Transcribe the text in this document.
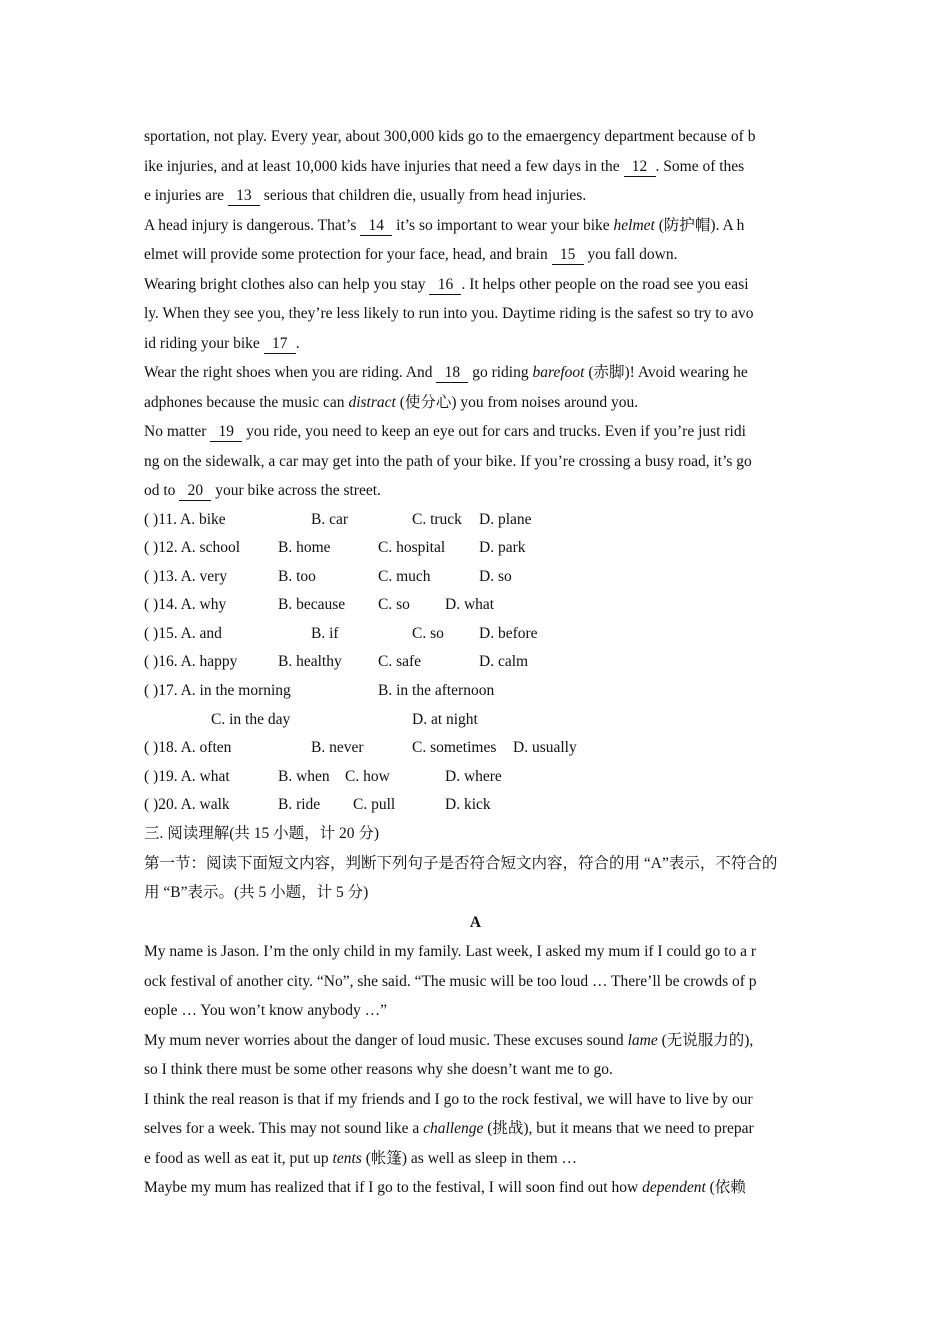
sportation, not play. Every year, about 300,000 kids go to the emaergency department because of b
ike injuries, and at least 10,000 kids have injuries that need a few days in the 12 . Some of thes
e injuries are 13 serious that children die, usually from head injuries.
A head injury is dangerous. That’s 14 it’s so important to wear your bike helmet (防护帽). A h
elmet will provide some protection for your face, head, and brain 15 you fall down.
Wearing bright clothes also can help you stay 16 . It helps other people on the road see you easi
ly. When they see you, they’re less likely to run into you. Daytime riding is the safest so try to avo
id riding your bike 17 .
Wear the right shoes when you are riding. And 18 go riding barefoot (赤脚)! Avoid wearing he
adphones because the music can distract (使分心) you from noises around you.
No matter 19 you ride, you need to keep an eye out for cars and trucks. Even if you’re just ridi
ng on the sidewalk, a car may get into the path of your bike. If you’re crossing a busy road, it’s go
od to 20 your bike across the street.
( )11. A. bike	B. car	C. truck D. plane
( )12. A. school B. home	C. hospital D. park
( )13. A. very	B. too	C. much	D. so
( )14. A. why	B. because C. so D. what
( )15. A. and	B. if	C. so D. before
( )16. A. happy	B. healthy C. safe	D. calm
( )17. A. in the morning	B. in the afternoon
C. in the day	D. at night
( )18. A. often	B. never	C. sometimes D. usually
( )19. A. what	B. when C. how	D. where
( )20. A. walk	B. ride C. pull	D. kick
三. 阅读理解(共 15 小题，计 20 分)
第一节：阅读下面短文内容，判断下列句子是否符合短文内容，符合的用 “A”表示，不符合的
用 “B”表示。(共 5 小题，计 5 分)
A
My name is Jason. I’m the only child in my family. Last week, I asked my mum if I could go to a r
ock festival of another city. “No”, she said. “The music will be too loud … There’ll be crowds of p
eople … You won’t know anybody …”
My mum never worries about the danger of loud music. These excuses sound lame (无说服力的),
so I think there must be some other reasons why she doesn’t want me to go.
I think the real reason is that if my friends and I go to the rock festival, we will have to live by our
selves for a week. This may not sound like a challenge (挑战), but it means that we need to prepar
e food as well as eat it, put up tents (帐篷) as well as sleep in them …
Maybe my mum has realized that if I go to the festival, I will soon find out how dependent (依赖
